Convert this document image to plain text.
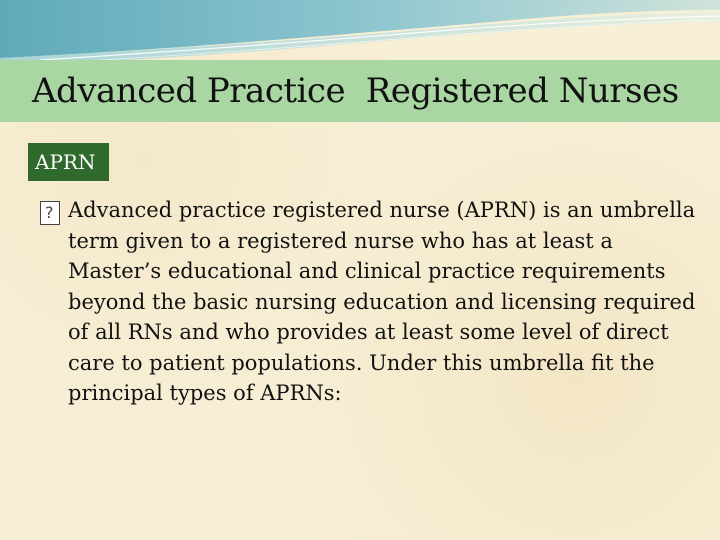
Advanced Practice  Registered Nurses
APRN
?
Advanced practice registered nurse (APRN) is an umbrella term given to a registered nurse who has at least a Master’s educational and clinical practice requirements beyond the basic nursing education and licensing required of all RNs and who provides at least some level of direct care to patient populations. Under this umbrella fit the principal types of APRNs:
